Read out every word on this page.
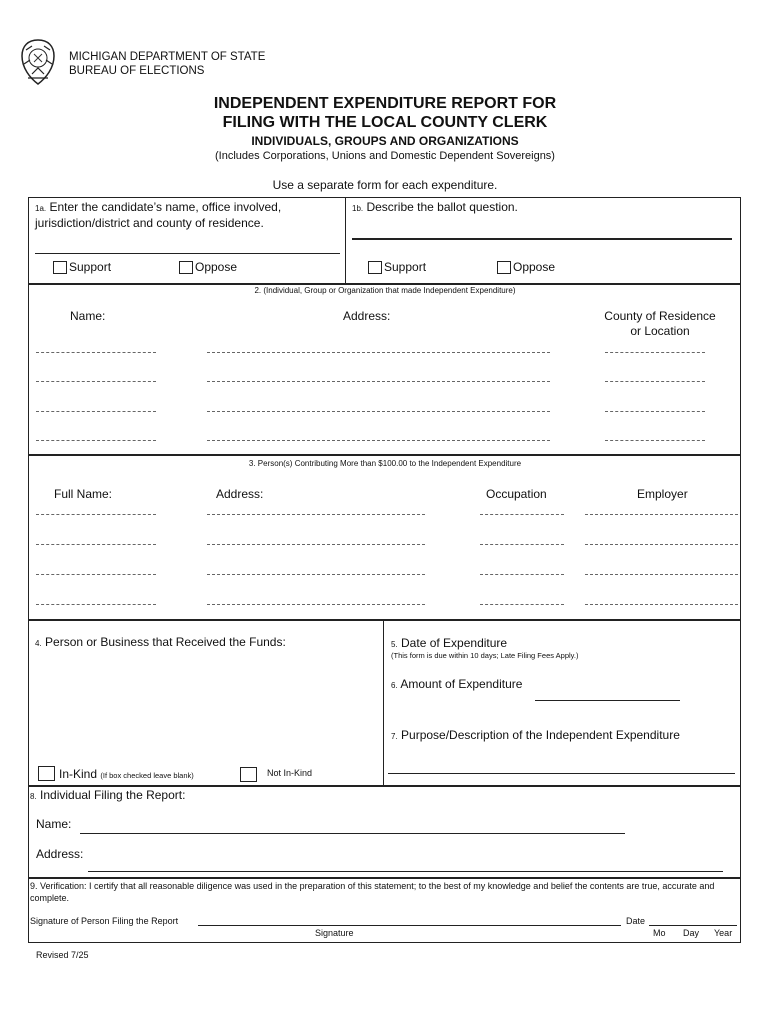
MICHIGAN DEPARTMENT OF STATE
BUREAU OF ELECTIONS
INDEPENDENT EXPENDITURE REPORT FOR
FILING WITH THE LOCAL COUNTY CLERK
INDIVIDUALS, GROUPS AND ORGANIZATIONS
(Includes Corporations, Unions and Domestic Dependent Sovereigns)
Use a separate form for each expenditure.
1a. Enter the candidate’s name, office involved,
jurisdiction/district and county of residence.
Support	Oppose
1b. Describe the ballot question.
Support	Oppose
2. (Individual, Group or Organization that made Independent Expenditure)
Name:	Address:	County of Residence
or Location
3. Person(s) Contributing More than $100.00 to the Independent Expenditure
Full Name:	Address:	Occupation	Employer
4. Person or Business that Received the Funds:
In-Kind (If box checked leave blank)	Not In-Kind
5. Date of Expenditure
(This form is due within 10 days; Late Filing Fees Apply.)
6. Amount of Expenditure
7. Purpose/Description of the Independent Expenditure
8. Individual Filing the Report:
Name:
Address:
9. Verification: I certify that all reasonable diligence was used in the preparation of this statement; to the best of my knowledge and belief the contents are true, accurate and complete.
Signature of Person Filing the Report
Signature
Date
Mo Day Year
Revised 7/25
